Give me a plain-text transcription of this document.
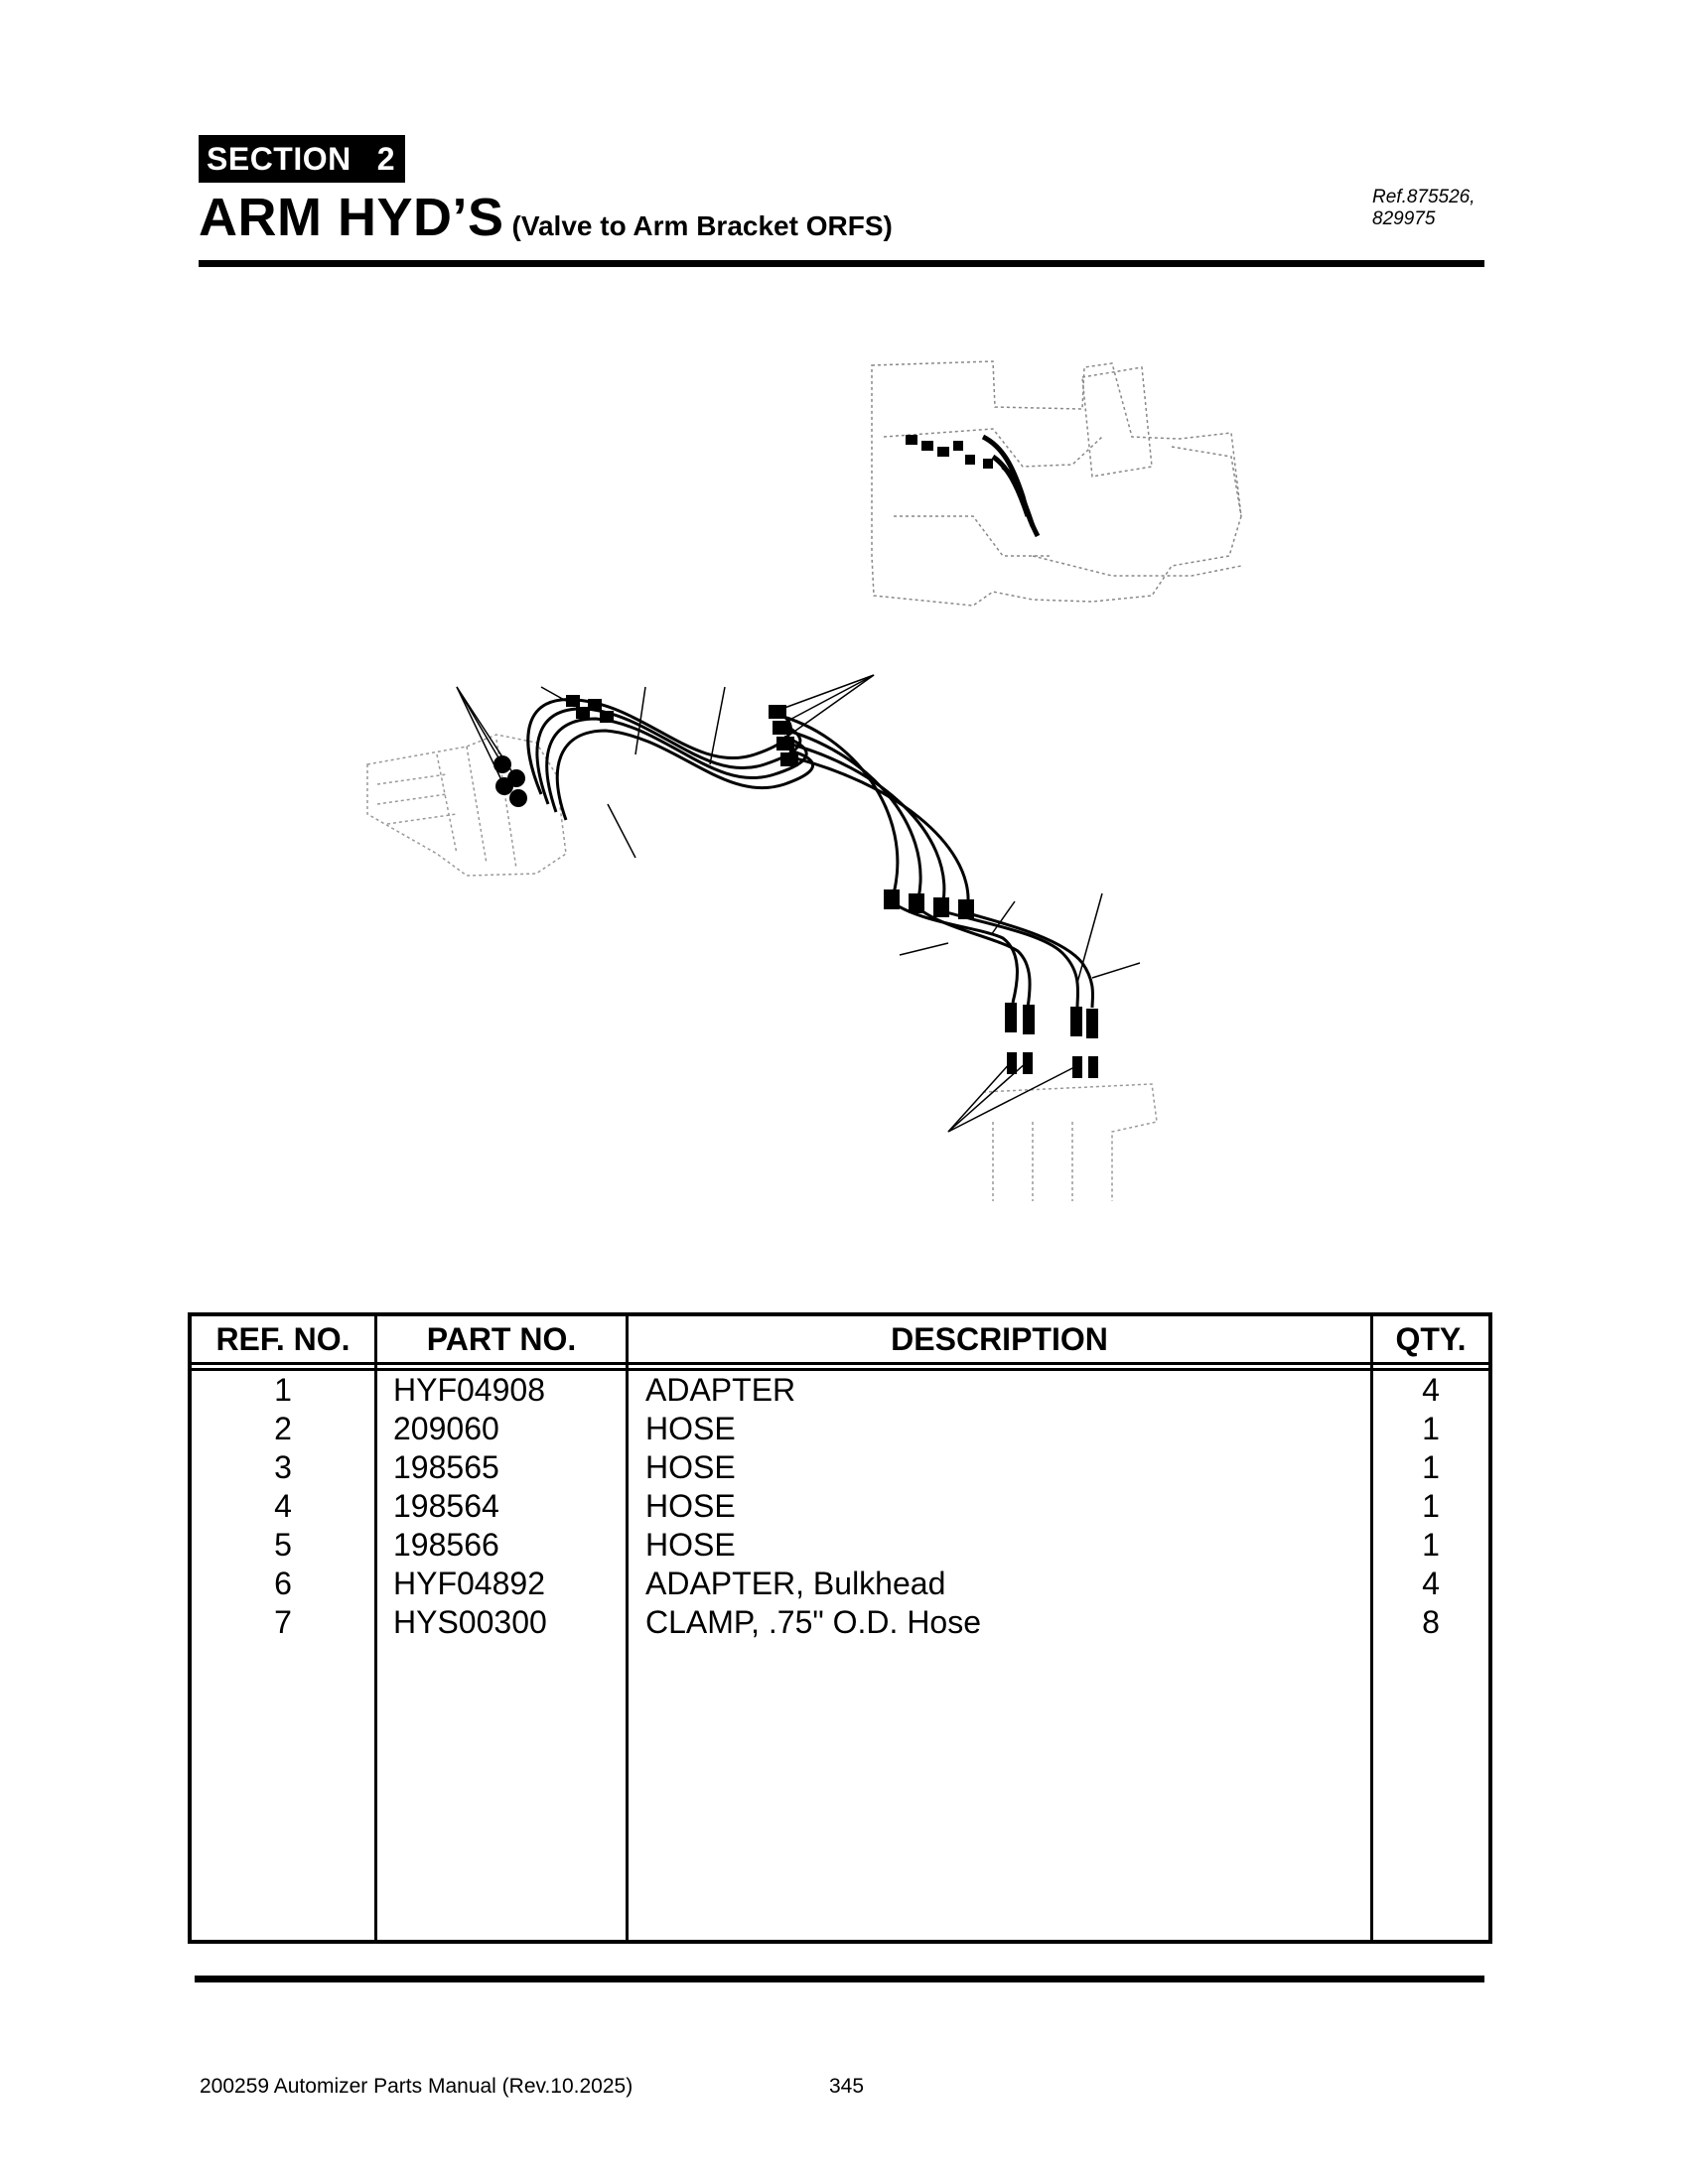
SECTION 2
ARM HYD’S (Valve to Arm Bracket ORFS)
Ref.875526,
829975
REF. NO.	PART NO.	DESCRIPTION	QTY.
1	HYF04908	ADAPTER	4
2	209060	HOSE	1
3	198565	HOSE	1
4	198564	HOSE	1
5	198566	HOSE	1
6	HYF04892	ADAPTER, Bulkhead	4
7	HYS00300	CLAMP, .75" O.D. Hose	8
200259 Automizer Parts Manual (Rev.10.2025)	345
